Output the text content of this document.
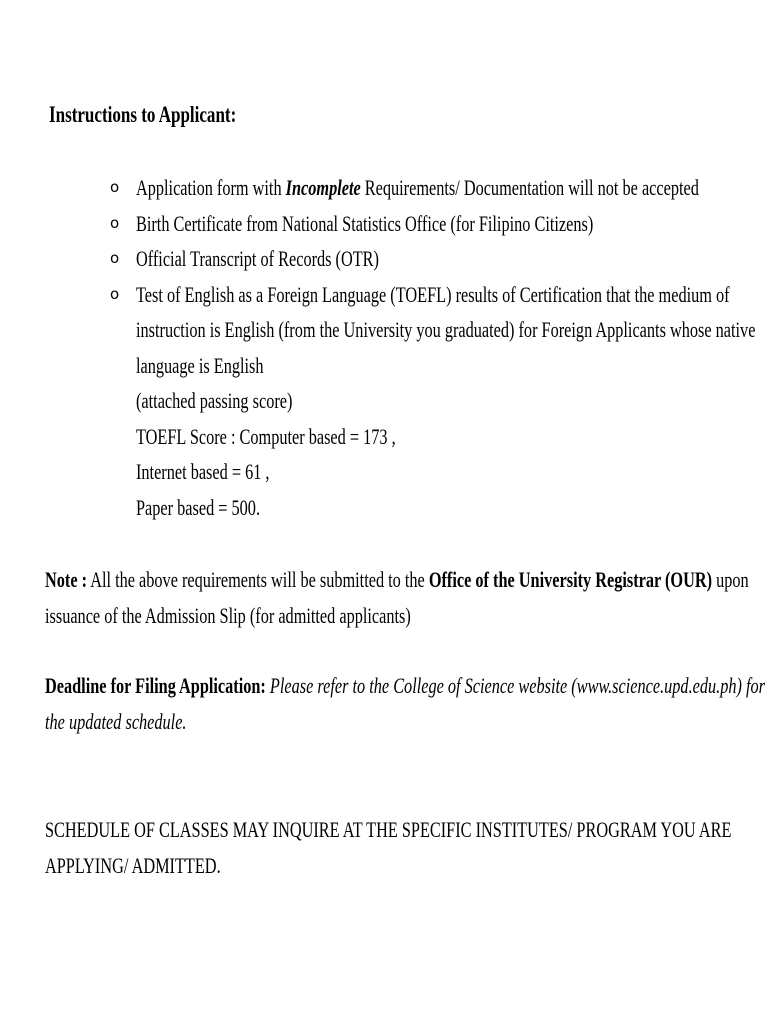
Instructions to Applicant:
o Application form with Incomplete Requirements/ Documentation will not be accepted
o Birth Certificate from National Statistics Office (for Filipino Citizens)
o Official Transcript of Records (OTR)
o Test of English as a Foreign Language (TOEFL) results of Certification that the medium of
instruction is English (from the University you graduated) for Foreign Applicants whose native
language is English
(attached passing score)
TOEFL Score : Computer based = 173 ,
Internet based = 61 ,
Paper based = 500.
Note : All the above requirements will be submitted to the Office of the University Registrar (OUR) upon
issuance of the Admission Slip (for admitted applicants)
Deadline for Filing Application: Please refer to the College of Science website (www.science.upd.edu.ph) for
the updated schedule.
SCHEDULE OF CLASSES MAY INQUIRE AT THE SPECIFIC INSTITUTES/ PROGRAM YOU ARE
APPLYING/ ADMITTED.
